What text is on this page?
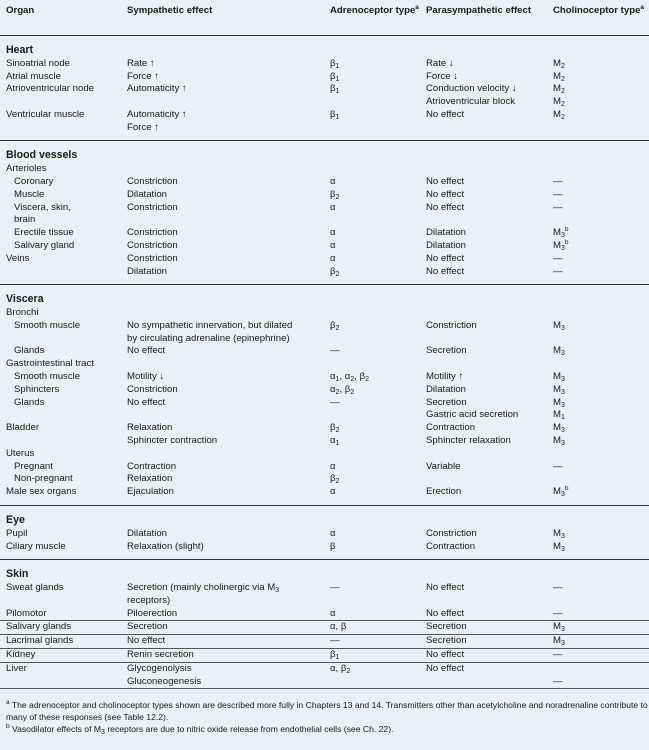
Organ	Sympathetic effect	Adrenoceptor type$^a$	Parasympathetic effect	Cholinoceptor type$^a$
Heart				
Sinoatrial node	Rate ↑	$\beta_1$	Rate ↓	$M_2$
Atrial muscle	Force ↑	$\beta_1$	Force ↓	$M_2$
Atrioventricular node	Automaticity ↑	$\beta_1$	Conduction velocity ↓	$M_2$
			Atrioventricular block	$M_2$
Ventricular muscle	Automaticity ↑	$\beta_1$	No effect	$M_2$
	Force ↑			

Blood vessels				
Arterioles				
Coronary	Constriction	α	No effect	—
Muscle	Dilatation	$\beta_2$	No effect	—
Viscera, skin,	Constriction	α	No effect	—
brain				
Erectile tissue	Constriction	α	Dilatation	$M_3^b$
Salivary gland	Constriction	α	Dilatation	$M_3^b$
Veins	Constriction	α	No effect	—
	Dilatation	$\beta_2$	No effect	—

Viscera				
Bronchi				
Smooth muscle	No sympathetic innervation, but dilated	$\beta_2$	Constriction	$M_3$
	by circulating adrenaline (epinephrine)			
Glands	No effect	—	Secretion	$M_3$
Gastrointestinal tract				
Smooth muscle	Motility ↓	$\alpha_1$, $\alpha_2$, $\beta_2$	Motility ↑	$M_3$
Sphincters	Constriction	$\alpha_2$, $\beta_2$	Dilatation	$M_3$
Glands	No effect	—	Secretion	$M_3$
			Gastric acid secretion	$M_1$
Bladder	Relaxation	$\beta_2$	Contraction	$M_3$
	Sphincter contraction	$\alpha_1$	Sphincter relaxation	$M_3$
Uterus				
Pregnant	Contraction	α	Variable	—
Non-pregnant	Relaxation	$\beta_2$		
Male sex organs	Ejaculation	α	Erection	$M_3^b$

Eye				
Pupil	Dilatation	α	Constriction	$M_3$
Ciliary muscle	Relaxation (slight)	β	Contraction	$M_3$

Skin				
Sweat glands	Secretion (mainly cholinergic via $M_3$	—	No effect	—
	receptors)			
Pilomotor	Piloerection	α	No effect	—
Salivary glands	Secretion	α, β	Secretion	$M_3$
Lacrimal glands	No effect	—	Secretion	$M_3$
Kidney	Renin secretion	$\beta_1$	No effect	—
Liver	Glycogenolysis	α, $\beta_2$	No effect	
	Gluconeogenesis			—

$^a$ The adrenoceptor and cholinoceptor types shown are described more fully in Chapters 13 and 14. Transmitters other than acetylcholine and noradrenaline contribute to many of these responses (see Table 12.2).

$^b$ Vasodilator effects of $M_3$ receptors are due to nitric oxide release from endothelial cells (see Ch. 22).
